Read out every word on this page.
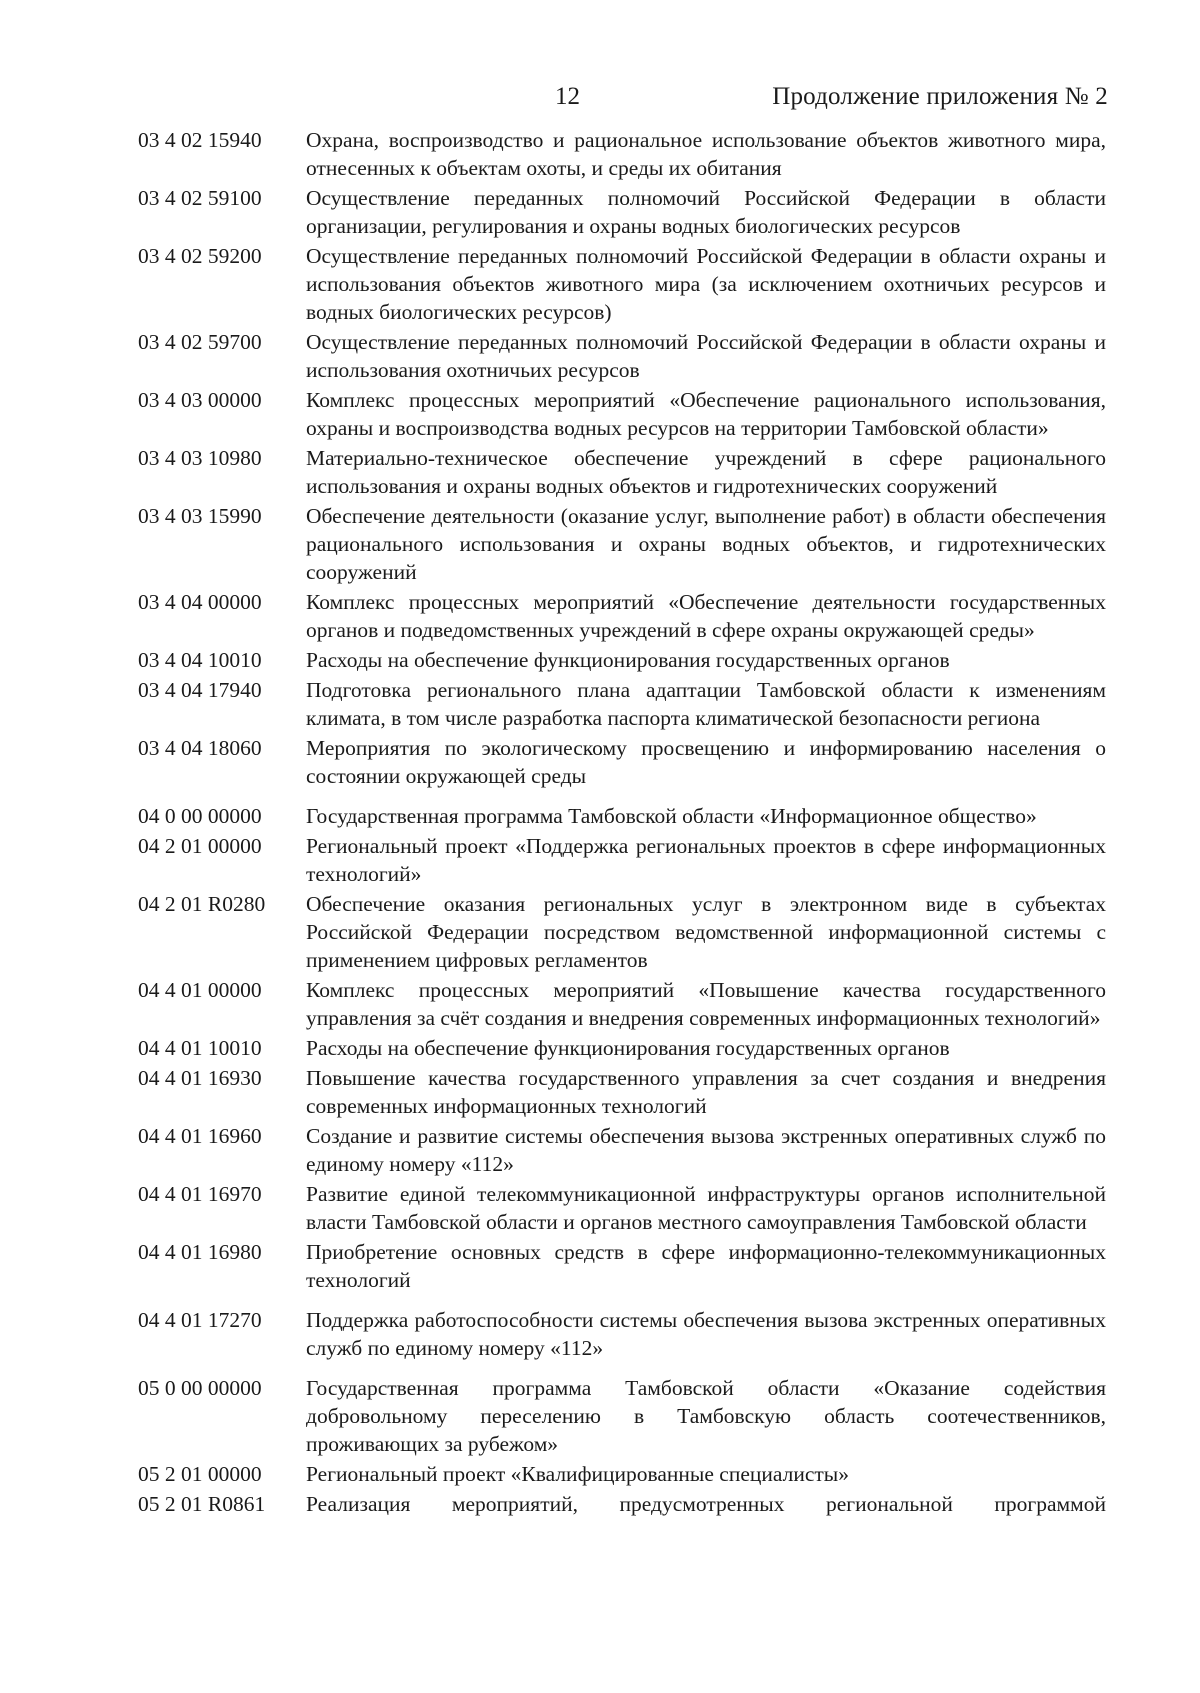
12	Продолжение приложения № 2
03 4 02 15940	Охрана, воспроизводство и рациональное использование объектов животного мира, отнесенных к объектам охоты, и среды их обитания
03 4 02 59100	Осуществление переданных полномочий Российской Федерации в области организации, регулирования и охраны водных биологических ресурсов
03 4 02 59200	Осуществление переданных полномочий Российской Федерации в области охраны и использования объектов животного мира (за исключением охотничьих ресурсов и водных биологических ресурсов)
03 4 02 59700	Осуществление переданных полномочий Российской Федерации в области охраны и использования охотничьих ресурсов
03 4 03 00000	Комплекс процессных мероприятий «Обеспечение рационального использования, охраны и воспроизводства водных ресурсов на территории Тамбовской области»
03 4 03 10980	Материально-техническое обеспечение учреждений в сфере рационального использования и охраны водных объектов и гидротехнических сооружений
03 4 03 15990	Обеспечение деятельности (оказание услуг, выполнение работ) в области обеспечения рационального использования и охраны водных объектов, и гидротехнических сооружений
03 4 04 00000	Комплекс процессных мероприятий «Обеспечение деятельности государственных органов и подведомственных учреждений в сфере охраны окружающей среды»
03 4 04 10010	Расходы на обеспечение функционирования государственных органов
03 4 04 17940	Подготовка регионального плана адаптации Тамбовской области к изменениям климата, в том числе разработка паспорта климатической безопасности региона
03 4 04 18060	Мероприятия по экологическому просвещению и информированию населения о состоянии окружающей среды
04 0 00 00000	Государственная программа Тамбовской области «Информационное общество»
04 2 01 00000	Региональный проект «Поддержка региональных проектов в сфере информационных технологий»
04 2 01 R0280	Обеспечение оказания региональных услуг в электронном виде в субъектах Российской Федерации посредством ведомственной информационной системы с применением цифровых регламентов
04 4 01 00000	Комплекс процессных мероприятий «Повышение качества государственного управления за счёт создания и внедрения современных информационных технологий»
04 4 01 10010	Расходы на обеспечение функционирования государственных органов
04 4 01 16930	Повышение качества государственного управления за счет создания и внедрения современных информационных технологий
04 4 01 16960	Создание и развитие системы обеспечения вызова экстренных оперативных служб по единому номеру «112»
04 4 01 16970	Развитие единой телекоммуникационной инфраструктуры органов исполнительной власти Тамбовской области и органов местного самоуправления Тамбовской области
04 4 01 16980	Приобретение основных средств в сфере информационно-телекоммуникационных технологий
04 4 01 17270	Поддержка работоспособности системы обеспечения вызова экстренных оперативных служб по единому номеру «112»
05 0 00 00000	Государственная программа Тамбовской области «Оказание содействия добровольному переселению в Тамбовскую область соотечественников, проживающих за рубежом»
05 2 01 00000	Региональный проект «Квалифицированные специалисты»
05 2 01 R0861	Реализация мероприятий, предусмотренных региональной программой
